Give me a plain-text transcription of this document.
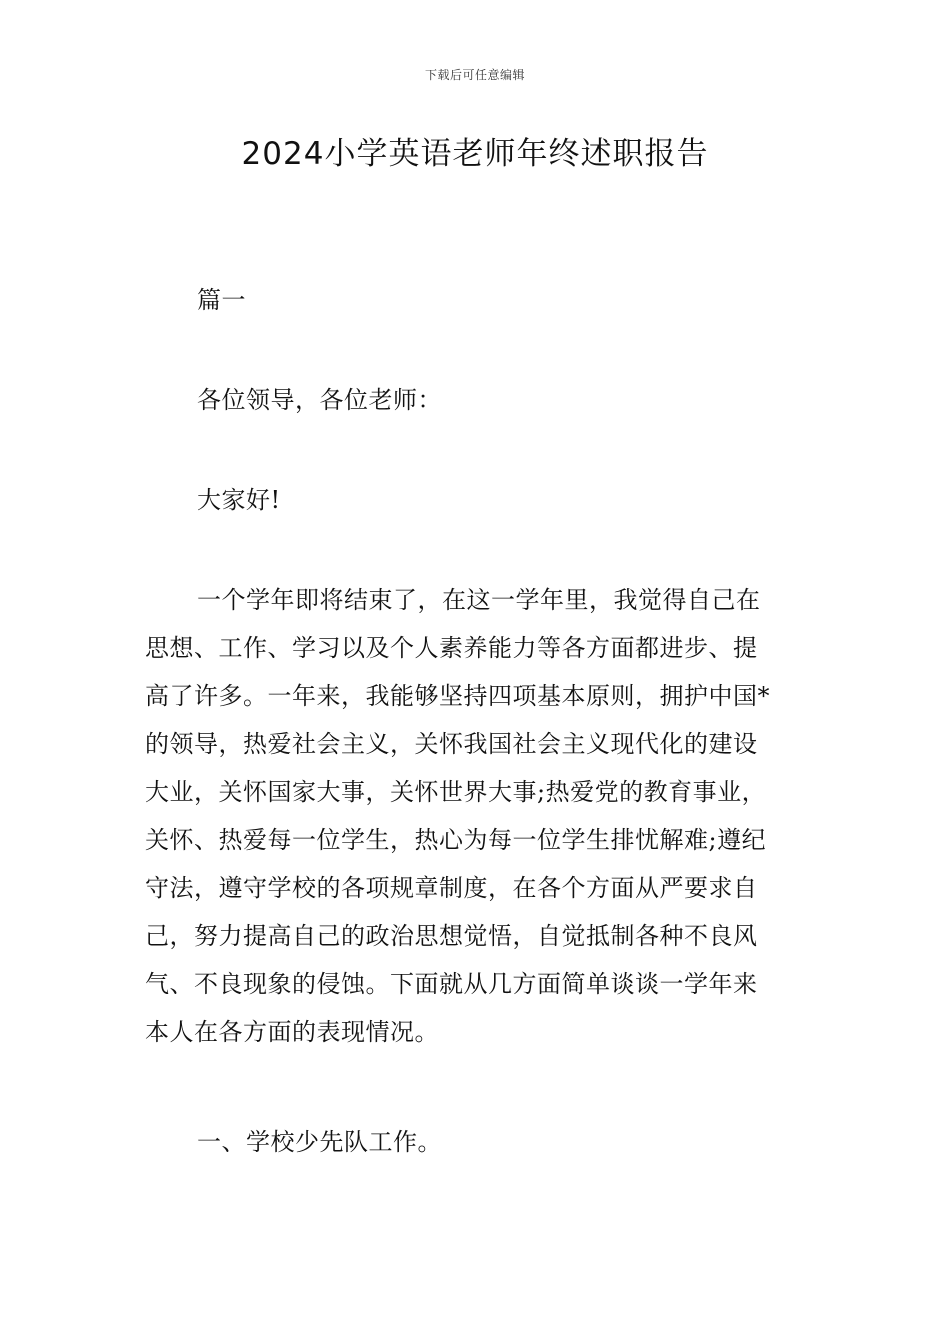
下载后可任意编辑
2024小学英语老师年终述职报告

篇一

各位领导，各位老师：

大家好!

一个学年即将结束了，在这一学年里，我觉得自己在
思想、工作、学习以及个人素养能力等各方面都进步、提
高了许多。一年来，我能够坚持四项基本原则，拥护中国*
的领导，热爱社会主义，关怀我国社会主义现代化的建设
大业，关怀国家大事，关怀世界大事;热爱党的教育事业，
关怀、热爱每一位学生，热心为每一位学生排忧解难;遵纪
守法，遵守学校的各项规章制度，在各个方面从严要求自
己，努力提高自己的政治思想觉悟，自觉抵制各种不良风
气、不良现象的侵蚀。下面就从几方面简单谈谈一学年来
本人在各方面的表现情况。

一、学校少先队工作。
